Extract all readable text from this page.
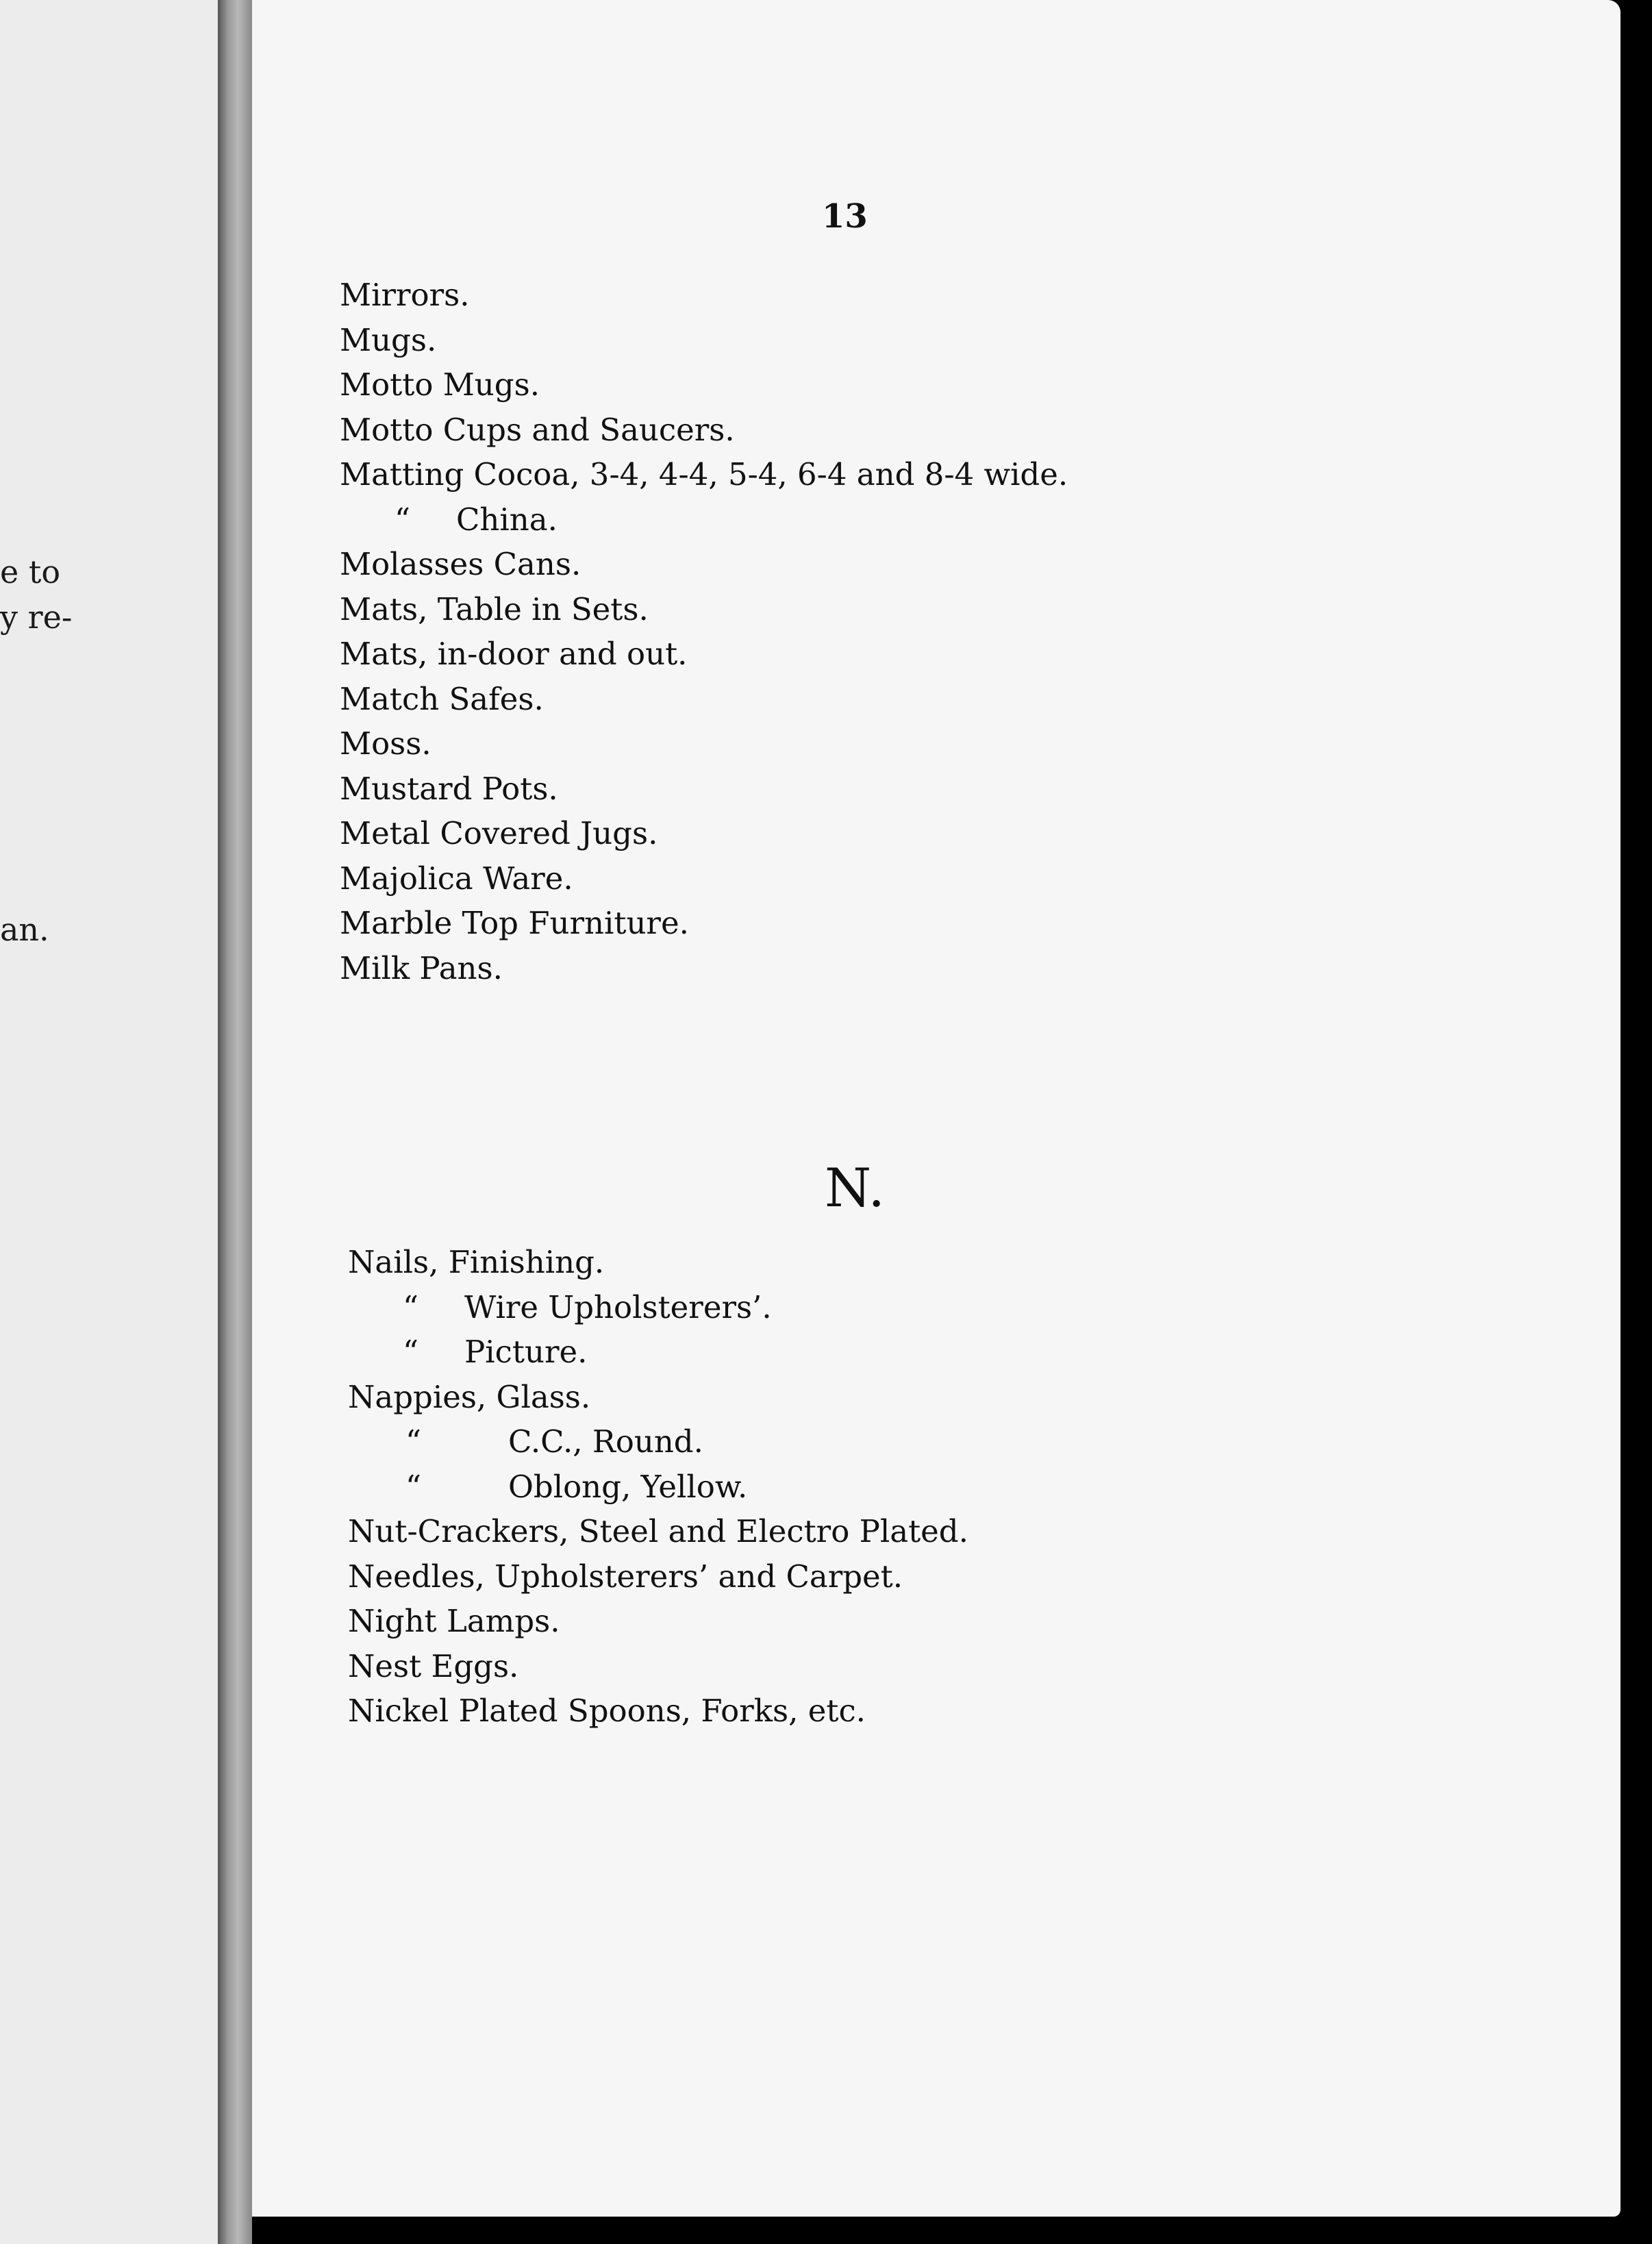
e to
y re-
an.
13
Mirrors.
Mugs.
Motto Mugs.
Motto Cups and Saucers.
Matting Cocoa, 3-4, 4-4, 5-4, 6-4 and 8-4 wide.
“ China.
Molasses Cans.
Mats, Table in Sets.
Mats, in-door and out.
Match Safes.
Moss.
Mustard Pots.
Metal Covered Jugs.
Majolica Ware.
Marble Top Furniture.
Milk Pans.
N.
Nails, Finishing.
“ Wire Upholsterers’.
“ Picture.
Nappies, Glass.
“	C.C., Round.
“	Oblong, Yellow.
Nut-Crackers, Steel and Electro Plated.
Needles, Upholsterers’ and Carpet.
Night Lamps.
Nest Eggs.
Nickel Plated Spoons, Forks, etc.
